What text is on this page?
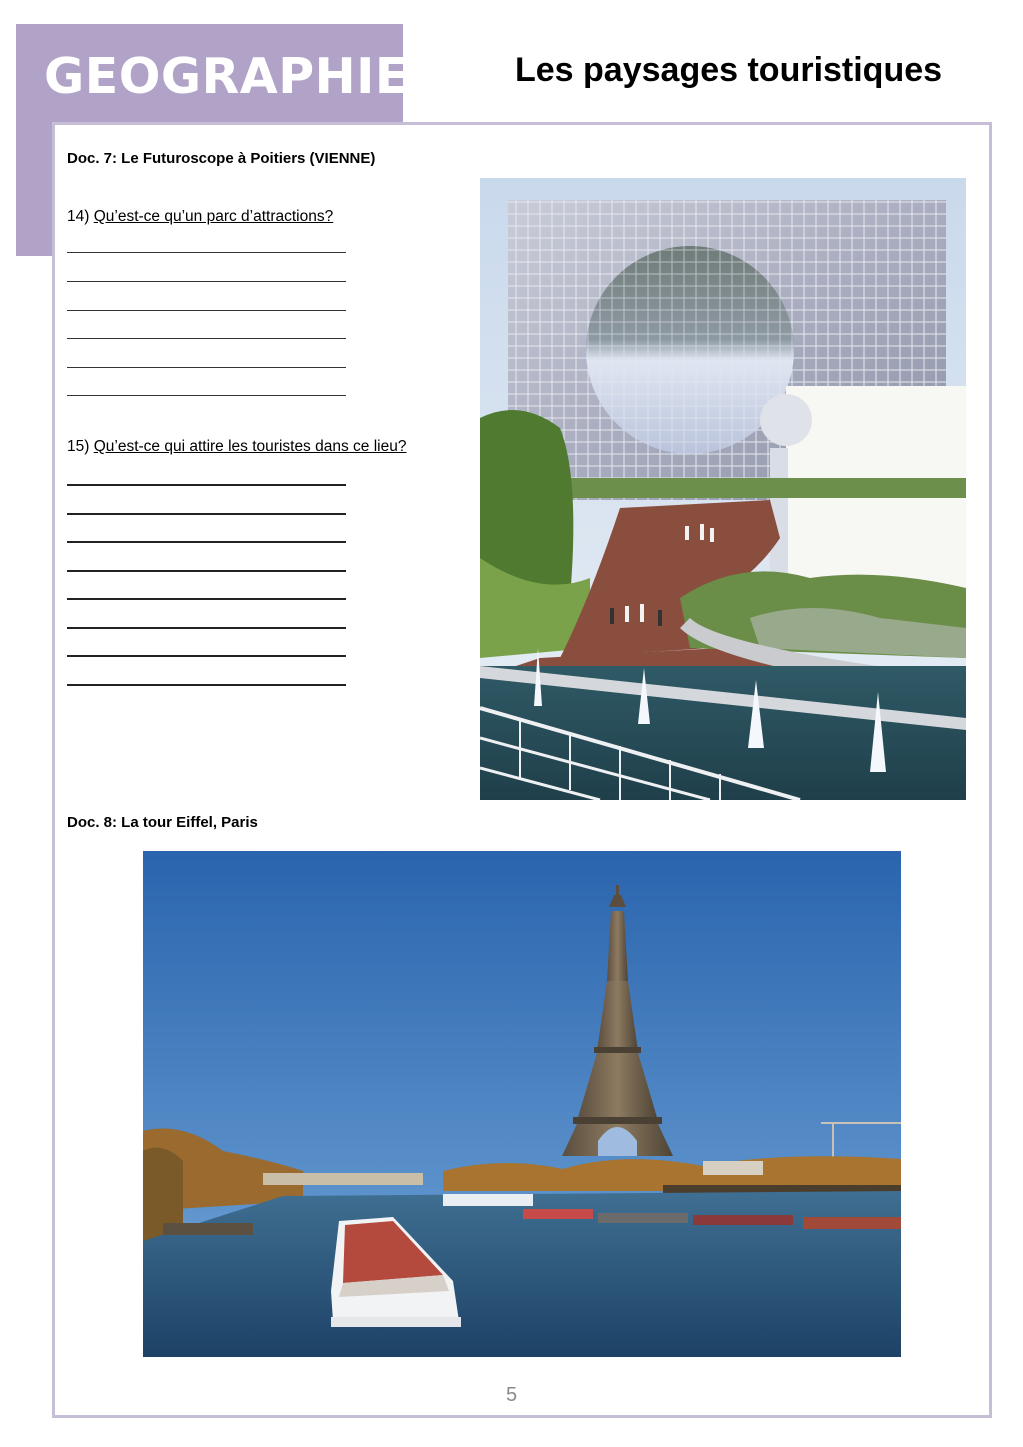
GEOGRAPHIE	Les paysages touristiques
Doc. 7: Le Futuroscope à Poitiers (VIENNE)
14) Qu’est-ce qu’un parc d’attractions?
15) Qu’est-ce qui attire les touristes dans ce lieu?
Doc. 8: La tour Eiffel, Paris
5
